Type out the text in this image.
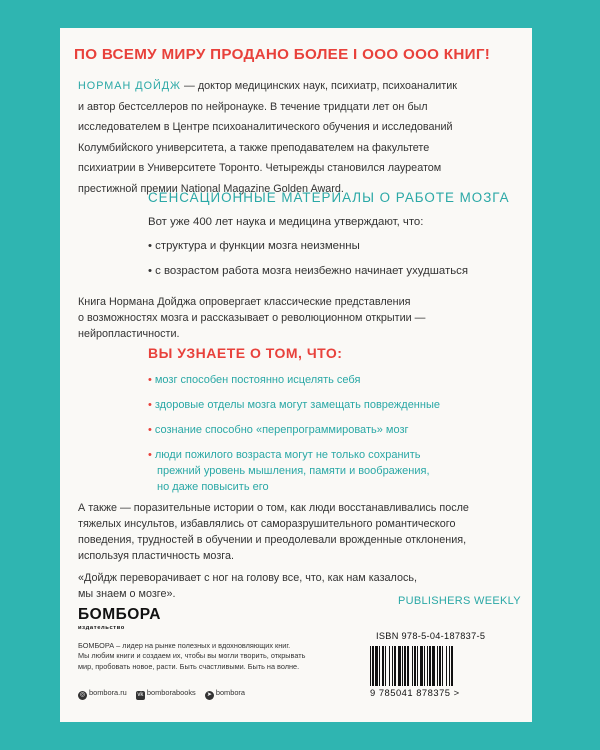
ПО ВСЕМУ МИРУ ПРОДАНО БОЛЕЕ I ООО ООО КНИГ!
НОРМАН ДОЙДЖ — доктор медицинских наук, психиатр, психоаналитик
и автор бестселлеров по нейронауке. В течение тридцати лет он был
исследователем в Центре психоаналитического обучения и исследований
Колумбийского университета, а также преподавателем на факультете
психиатрии в Университете Торонто. Четырежды становился лауреатом
престижной премии National Magazine Golden Award.
СЕНСАЦИОННЫЕ МАТЕРИАЛЫ О РАБОТЕ МОЗГА
Вот уже 400 лет наука и медицина утверждают, что:
• структура и функции мозга неизменны
• с возрастом работа мозга неизбежно начинает ухудшаться
Книга Нормана Дойджа опровергает классические представления
о возможностях мозга и рассказывает о революционном открытии —
нейропластичности.
ВЫ УЗНАЕТЕ О ТОМ, ЧТО:
• мозг способен постоянно исцелять себя
• здоровые отделы мозга могут замещать поврежденные
• сознание способно «перепрограммировать» мозг
• люди пожилого возраста могут не только сохранить
прежний уровень мышления, памяти и воображения,
но даже повысить его
А также — поразительные истории о том, как люди восстанавливались после
тяжелых инсультов, избавлялись от саморазрушительного романтического
поведения, трудностей в обучении и преодолевали врожденные отклонения,
используя пластичность мозга.
«Дойдж переворачивает с ног на голову все, что, как нам казалось,
мы знаем о мозге».
PUBLISHERS WEEKLY
БОМБОРА
издательство
БОМБОРА – лидер на рынке полезных и вдохновляющих книг.
Мы любим книги и создаем их, чтобы вы могли творить, открывать
мир, пробовать новое, расти. Быть счастливыми. Быть на волне.
◎ bombora.ru vk bomborabooks ➤ bombora
ISBN 978-5-04-187837-5
9 785041 878375 >
